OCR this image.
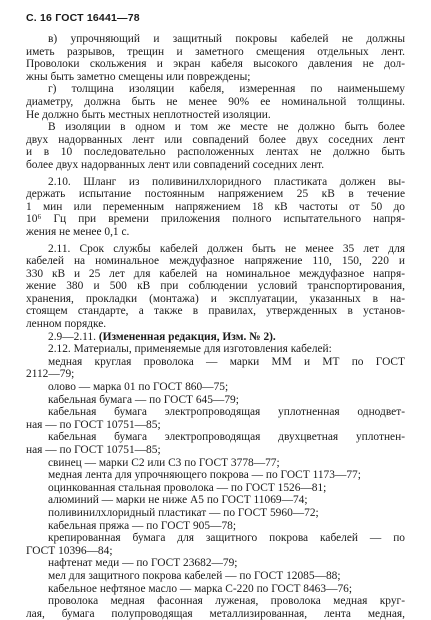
С. 16 ГОСТ 16441—78
в) упрочняющий и защитный покровы кабелей не должны
иметь разрывов, трещин и заметного смещения отдельных лент.
Проволоки скольжения и экран кабеля высокого давления не дол-
жны быть заметно смещены или повреждены;
г) толщина изоляции кабеля, измеренная по наименьшему
диаметру, должна быть не менее 90% ее номинальной толщины.
Не должно быть местных неплотностей изоляции.
В изоляции в одном и том же месте не должно быть более
двух надорванных лент или совпадений более двух соседних лент
и в 10 последовательно расположенных лентах не должно быть
более двух надорванных лент или совпадений соседних лент.
2.10. Шланг из поливинилхлоридного пластиката должен вы-
держать испытание постоянным напряжением 25 кВ в течение
1 мин или переменным напряжением 18 кВ частоты от 50 до
10⁶ Гц при времени приложения полного испытательного напря-
жения не менее 0,1 с.
2.11. Срок службы кабелей должен быть не менее 35 лет для
кабелей на номинальное междуфазное напряжение 110, 150, 220 и
330 кВ и 25 лет для кабелей на номинальное междуфазное напря-
жение 380 и 500 кВ при соблюдении условий транспортирования,
хранения, прокладки (монтажа) и эксплуатации, указанных в на-
стоящем стандарте, а также в правилах, утвержденных в установ-
ленном порядке.
2.9—2.11. (Измененная редакция, Изм. № 2).
2.12. Материалы, применяемые для изготовления кабелей:
медная круглая проволока — марки ММ и МТ по ГОСТ
2112—79;
олово — марка 01 по ГОСТ 860—75;
кабельная бумага — по ГОСТ 645—79;
кабельная бумага электропроводящая уплотненная однодвет-
ная — по ГОСТ 10751—85;
кабельная бумага электропроводящая двухцветная уплотнен-
ная — по ГОСТ 10751—85;
свинец — марки С2 или С3 по ГОСТ 3778—77;
медная лента для упрочняющего покрова — по ГОСТ 1173—77;
оцинкованная стальная проволока — по ГОСТ 1526—81;
алюминий — марки не ниже А5 по ГОСТ 11069—74;
поливинилхлоридный пластикат — по ГОСТ 5960—72;
кабельная пряжа — по ГОСТ 905—78;
крепированная бумага для защитного покрова кабелей — по
ГОСТ 10396—84;
нафтенат меди — по ГОСТ 23682—79;
мел для защитного покрова кабелей — по ГОСТ 12085—88;
кабельное нефтяное масло — марка С-220 по ГОСТ 8463—76;
проволока медная фасонная луженая, проволока медная круг-
лая, бумага полупроводящая металлизированная, лента медная,
